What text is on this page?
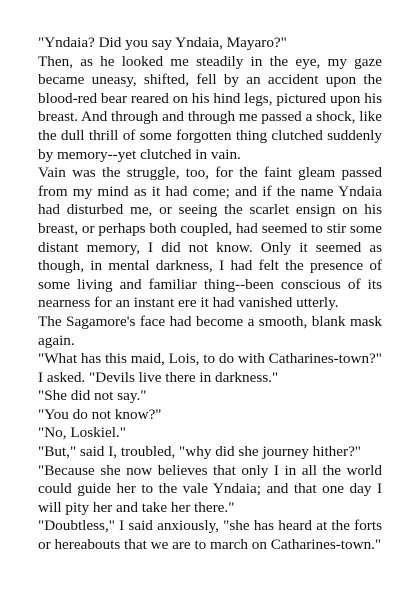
"Yndaia? Did you say Yndaia, Mayaro?"

Then, as he looked me steadily in the eye, my gaze became uneasy, shifted, fell by an accident upon the blood-red bear reared on his hind legs, pictured upon his breast. And through and through me passed a shock, like the dull thrill of some forgotten thing clutched suddenly by memory--yet clutched in vain.

Vain was the struggle, too, for the faint gleam passed from my mind as it had come; and if the name Yndaia had disturbed me, or seeing the scarlet ensign on his breast, or perhaps both coupled, had seemed to stir some distant memory, I did not know. Only it seemed as though, in mental darkness, I had felt the presence of some living and familiar thing--been conscious of its nearness for an instant ere it had vanished utterly.

The Sagamore's face had become a smooth, blank mask again.

"What has this maid, Lois, to do with Catharines-town?" I asked. "Devils live there in darkness."

"She did not say."

"You do not know?"

"No, Loskiel."

"But," said I, troubled, "why did she journey hither?"

"Because she now believes that only I in all the world could guide her to the vale Yndaia; and that one day I will pity her and take her there."

"Doubtless," I said anxiously, "she has heard at the forts or hereabouts that we are to march on Catharines-town."
